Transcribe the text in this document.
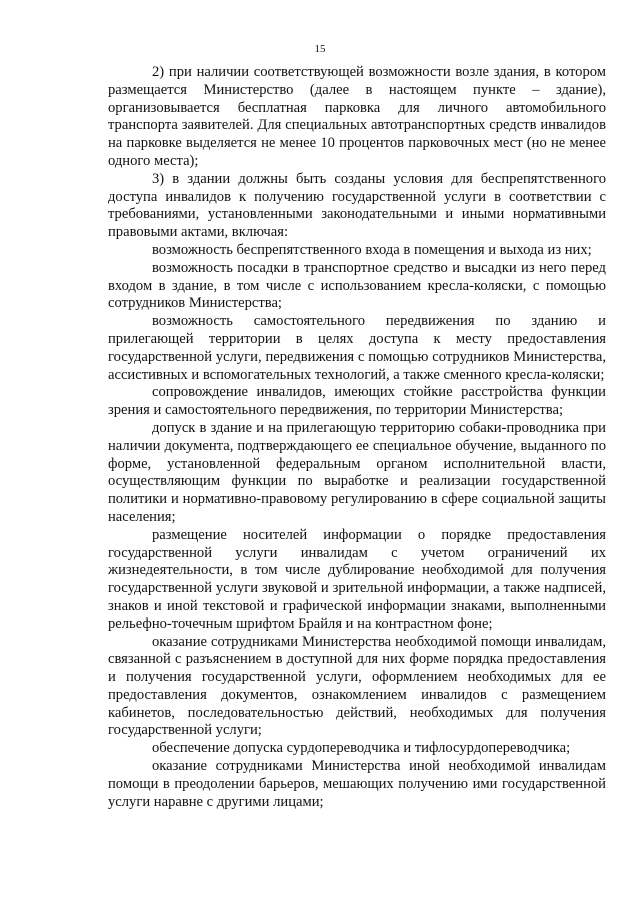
15

2) при наличии соответствующей возможности возле здания, в котором размещается Министерство (далее в настоящем пункте – здание), организовывается бесплатная парковка для личного автомобильного транспорта заявителей. Для специальных автотранспортных средств инвалидов на парковке выделяется не менее 10 процентов парковочных мест (но не менее одного места);

3) в здании должны быть созданы условия для беспрепятственного доступа инвалидов к получению государственной услуги в соответствии с требованиями, установленными законодательными и иными нормативными правовыми актами, включая:

возможность беспрепятственного входа в помещения и выхода из них;

возможность посадки в транспортное средство и высадки из него перед входом в здание, в том числе с использованием кресла-коляски, с помощью сотрудников Министерства;

возможность самостоятельного передвижения по зданию и прилегающей территории в целях доступа к месту предоставления государственной услуги, передвижения с помощью сотрудников Министерства, ассистивных и вспомогательных технологий, а также сменного кресла-коляски;

сопровождение инвалидов, имеющих стойкие расстройства функции зрения и самостоятельного передвижения, по территории Министерства;

допуск в здание и на прилегающую территорию собаки-проводника при наличии документа, подтверждающего ее специальное обучение, выданного по форме, установленной федеральным органом исполнительной власти, осуществляющим функции по выработке и реализации государственной политики и нормативно-правовому регулированию в сфере социальной защиты населения;

размещение носителей информации о порядке предоставления государственной услуги инвалидам с учетом ограничений их жизнедеятельности, в том числе дублирование необходимой для получения государственной услуги звуковой и зрительной информации, а также надписей, знаков и иной текстовой и графической информации знаками, выполненными рельефно-точечным шрифтом Брайля и на контрастном фоне;

оказание сотрудниками Министерства необходимой помощи инвалидам, связанной с разъяснением в доступной для них форме порядка предоставления и получения государственной услуги, оформлением необходимых для ее предоставления документов, ознакомлением инвалидов с размещением кабинетов, последовательностью действий, необходимых для получения государственной услуги;

обеспечение допуска сурдопереводчика и тифлосурдопереводчика;

оказание сотрудниками Министерства иной необходимой инвалидам помощи в преодолении барьеров, мешающих получению ими государственной услуги наравне с другими лицами;
